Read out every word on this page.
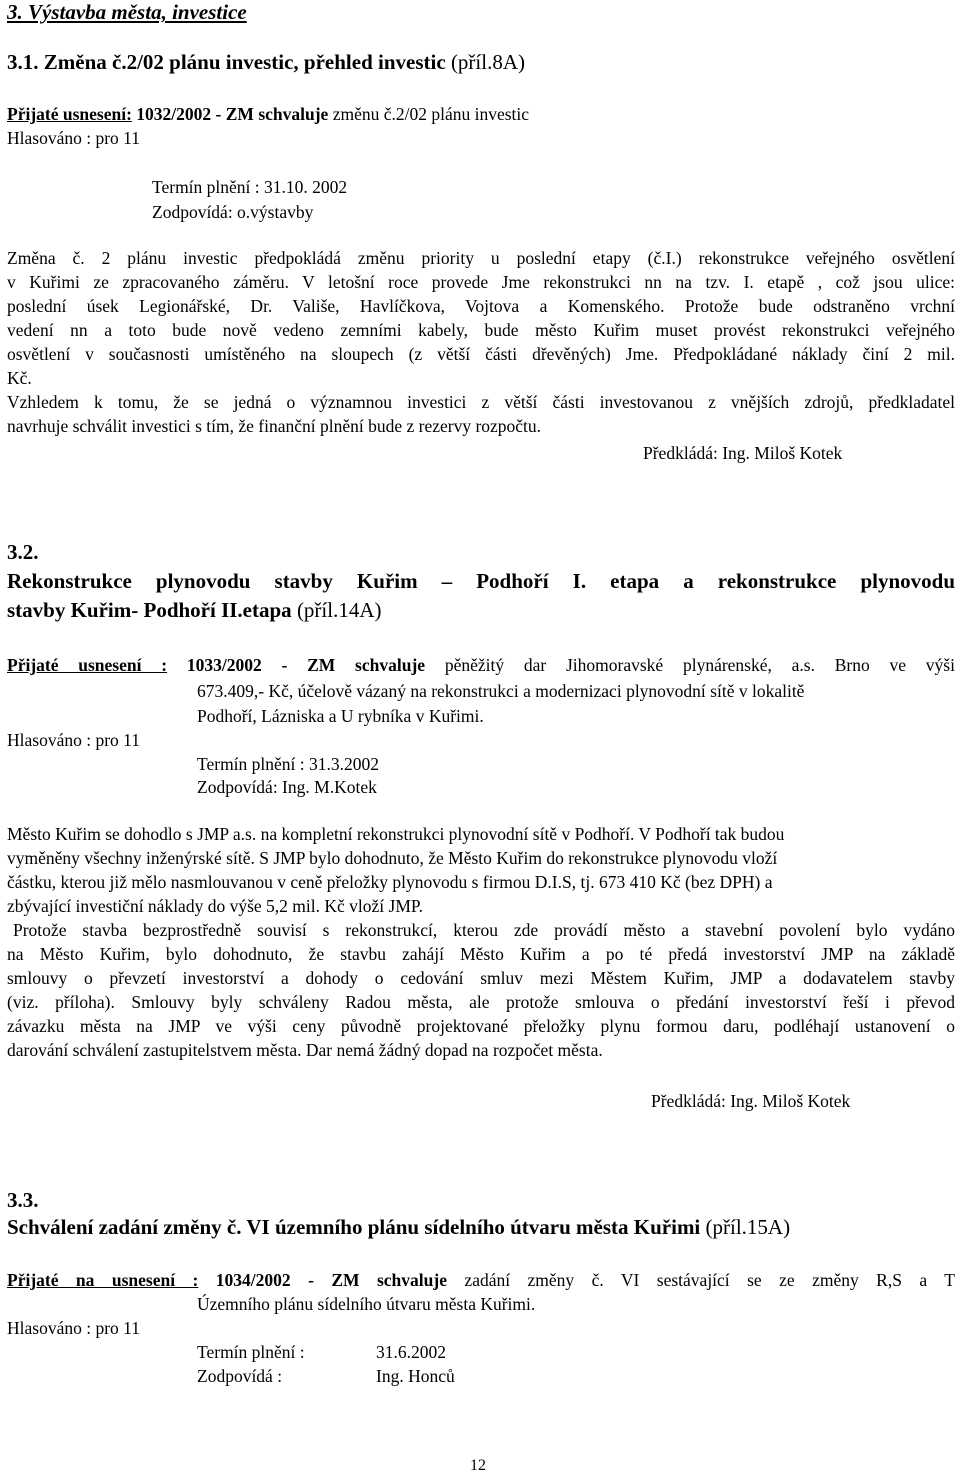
3. Výstavba města, investice
3.1. Změna č.2/02 plánu investic, přehled investic (příl.8A)
Přijaté usnesení: 1032/2002 - ZM schvaluje změnu č.2/02 plánu investic
Hlasováno : pro 11
Termín plnění : 31.10. 2002
Zodpovídá: o.výstavby
Změna č. 2 plánu investic předpokládá změnu priority u poslední etapy (č.I.) rekonstrukce veřejného osvětlení
v Kuřimi ze zpracovaného záměru. V letošní roce provede Jme rekonstrukci nn na tzv. I. etapě , což jsou ulice:
poslední úsek Legionářské, Dr. Vališe, Havlíčkova, Vojtova a Komenského. Protože bude odstraněno vrchní
vedení nn a toto bude nově vedeno zemními kabely, bude město Kuřim muset provést rekonstrukci veřejného
osvětlení v současnosti umístěného na sloupech (z větší části dřevěných) Jme. Předpokládané náklady činí 2 mil.
Kč.
Vzhledem k tomu, že se jedná o významnou investici z větší části investovanou z vnějších zdrojů, předkladatel
navrhuje schválit investici s tím, že finanční plnění bude z rezervy rozpočtu.
Předkládá: Ing. Miloš Kotek
3.2.
Rekonstrukce plynovodu stavby Kuřim – Podhoří I. etapa a rekonstrukce plynovodu
stavby Kuřim- Podhoří II.etapa (příl.14A)
Přijaté usnesení : 1033/2002 - ZM schvaluje pěněžitý dar Jihomoravské plynárenské, a.s. Brno ve výši
673.409,- Kč, účelově vázaný na rekonstrukci a modernizaci plynovodní sítě v lokalitě
Podhoří, Lázniska a U rybníka v Kuřimi.
Hlasováno : pro 11
Termín plnění : 31.3.2002
Zodpovídá: Ing. M.Kotek
Město Kuřim se dohodlo s JMP a.s. na kompletní rekonstrukci plynovodní sítě v Podhoří. V Podhoří tak budou
vyměněny všechny inženýrské sítě. S JMP bylo dohodnuto, že Město Kuřim do rekonstrukce plynovodu vloží
částku, kterou již mělo nasmlouvanou v ceně přeložky plynovodu s firmou D.I.S, tj. 673 410 Kč (bez DPH) a
zbývající investiční náklady do výše 5,2 mil. Kč vloží JMP.
Protože stavba bezprostředně souvisí s rekonstrukcí, kterou zde provádí město a stavební povolení bylo vydáno
na Město Kuřim, bylo dohodnuto, že stavbu zahájí Město Kuřim a po té předá investorství JMP na základě
smlouvy o převzetí investorství a dohody o cedování smluv mezi Městem Kuřim, JMP a dodavatelem stavby
(viz. příloha). Smlouvy byly schváleny Radou města, ale protože smlouva o předání investorství řeší i převod
závazku města na JMP ve výši ceny původně projektované přeložky plynu formou daru, podléhají ustanovení o
darování schválení zastupitelstvem města. Dar nemá žádný dopad na rozpočet města.
Předkládá: Ing. Miloš Kotek
3.3.
Schválení zadání změny č. VI územního plánu sídelního útvaru města Kuřimi (příl.15A)
Přijaté na usnesení : 1034/2002 - ZM schvaluje zadání změny č. VI sestávající se ze změny R,S a T
Územního plánu sídelního útvaru města Kuřimi.
Hlasováno : pro 11
Termín plnění :	31.6.2002
Zodpovídá :	Ing. Honců
12
